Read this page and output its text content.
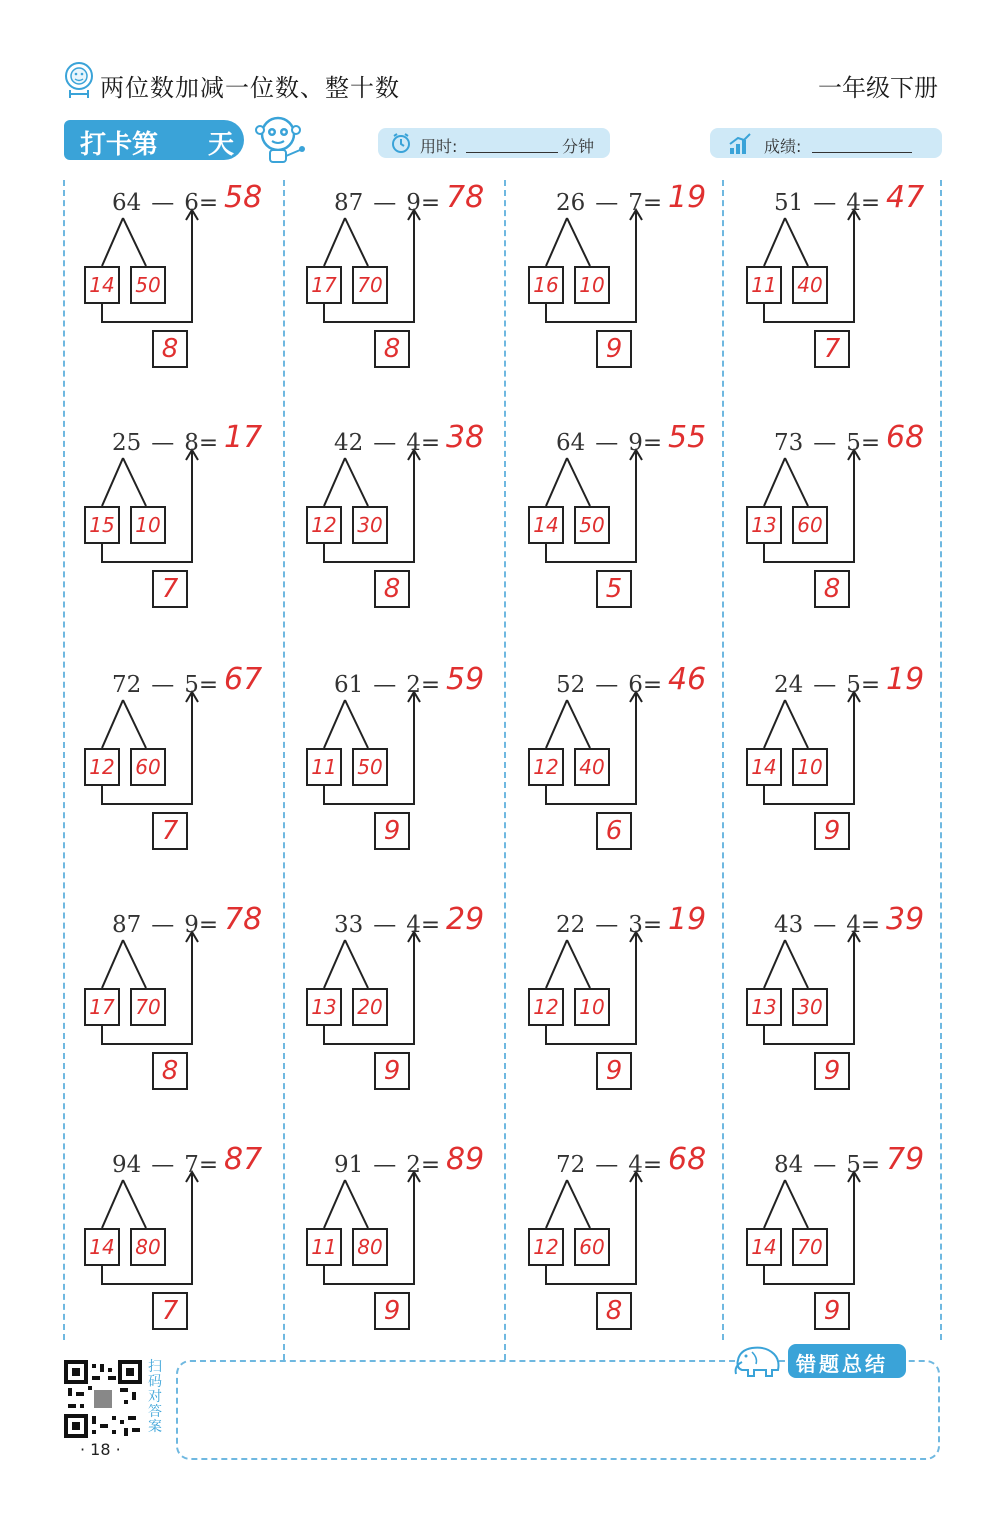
两位数加减一位数、整十数	一年级下册
打卡第 天	用时:	分钟	成绩:
64 — 6= 58
14 50
8
87 — 9= 78
17 70
8
26 — 7= 19
16 10
9
51 — 4= 47
11 40
7
25 — 8= 17
15 10
7
42 — 4= 38
12 30
8
64 — 9= 55
14 50
5
73 — 5= 68
13 60
8
72 — 5= 67
12 60
7
61 — 2= 59
11 50
9
52 — 6= 46
12 40
6
24 — 5= 19
14 10
9
87 — 9= 78
17 70
8
33 — 4= 29
13 20
9
22 — 3= 19
12 10
9
43 — 4= 39
13 30
9
94 — 7= 87
14 80
7
91 — 2= 89
11 80
9
72 — 4= 68
12 60
8
84 — 5= 79
14 70
9
扫码对答案
· 18 ·
错题总结
